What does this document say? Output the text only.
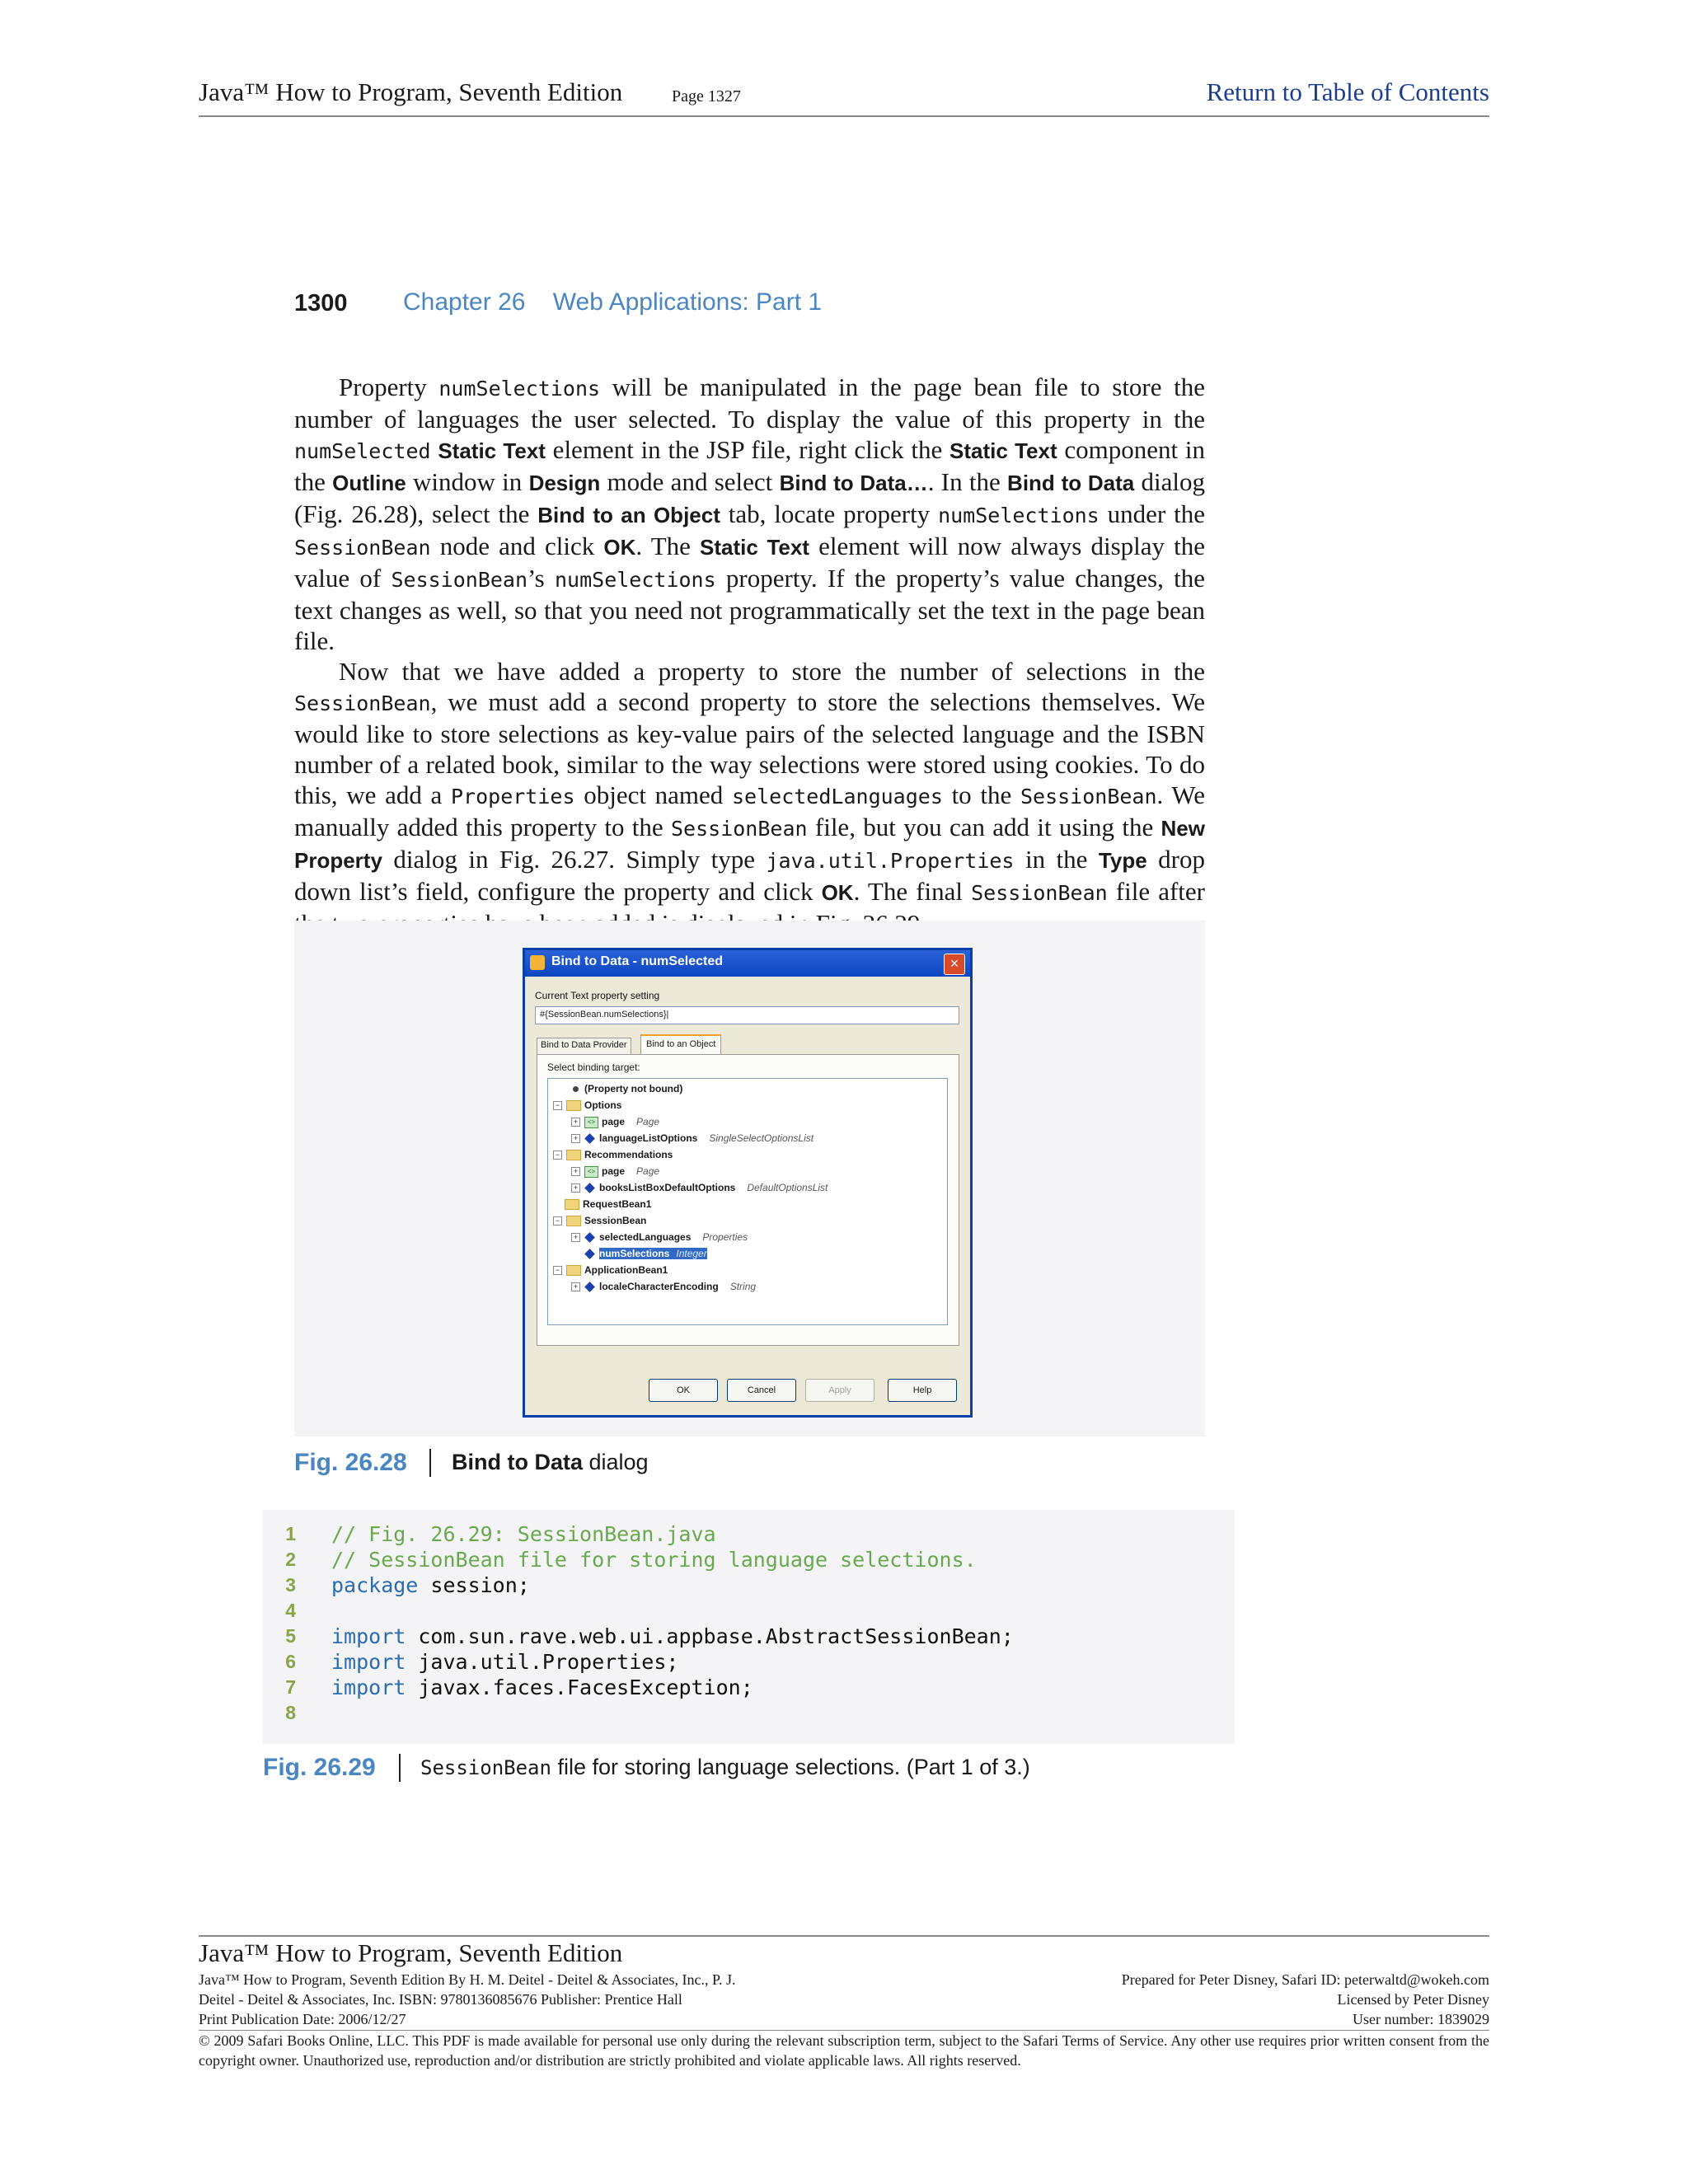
Java™ How to Program, Seventh Edition	Page 1327	Return to Table of Contents
1300 Chapter 26    Web Applications: Part 1

Property numSelections will be manipulated in the page bean file to store the number of languages the user selected. To display the value of this property in the numSelected Static Text element in the JSP file, right click the Static Text component in the Outline window in Design mode and select Bind to Data…. In the Bind to Data dialog (Fig. 26.28), select the Bind to an Object tab, locate property numSelections under the SessionBean node and click OK. The Static Text element will now always display the value of SessionBean’s numSelections property. If the property’s value changes, the text changes as well, so that you need not programmatically set the text in the page bean file.

Now that we have added a property to store the number of selections in the SessionBean, we must add a second property to store the selections themselves. We would like to store selections as key-value pairs of the selected language and the ISBN number of a related book, similar to the way selections were stored using cookies. To do this, we add a Properties object named selectedLanguages to the SessionBean. We manually added this property to the SessionBean file, but you can add it using the New Property dialog in Fig. 26.27. Simply type java.util.Properties in the Type drop down list’s field, configure the property and click OK. The final SessionBean file after

Bind to Data - numSelected	×
Current Text property setting
#{SessionBean.numSelections}|
Bind to Data Provider	Bind to an Object
Select binding target:
(Property not bound)
− Options
+ <> page Page
+ languageListOptions SingleSelectOptionsList
− Recommendations
+ <> page Page
+ booksListBoxDefaultOptions DefaultOptionsList
RequestBean1
− SessionBean
+ selectedLanguages Properties
numSelections Integer
− ApplicationBean1
+ localeCharacterEncoding String
OK	Cancel	Apply	Help
Fig. 26.28 Bind to Data dialog
1 // Fig. 26.29: SessionBean.java
2 // SessionBean file for storing language selections.
3 package session;
4
5 import com.sun.rave.web.ui.appbase.AbstractSessionBean;
6 import java.util.Properties;
7 import javax.faces.FacesException;
8
Fig. 26.29 SessionBean file for storing language selections. (Part 1 of 3.)
Java™ How to Program, Seventh Edition
Java™ How to Program, Seventh Edition By H. M. Deitel - Deitel & Associates, Inc., P. J.
Deitel - Deitel & Associates, Inc. ISBN: 9780136085676 Publisher: Prentice Hall
Print Publication Date: 2006/12/27
Prepared for Peter Disney, Safari ID: peterwaltd@wokeh.com
Licensed by Peter Disney
User number: 1839029
© 2009 Safari Books Online, LLC. This PDF is made available for personal use only during the relevant subscription term, subject to the Safari Terms of Service. Any other use requires prior written consent from the copyright owner. Unauthorized use, reproduction and/or distribution are strictly prohibited and violate applicable laws. All rights reserved.
